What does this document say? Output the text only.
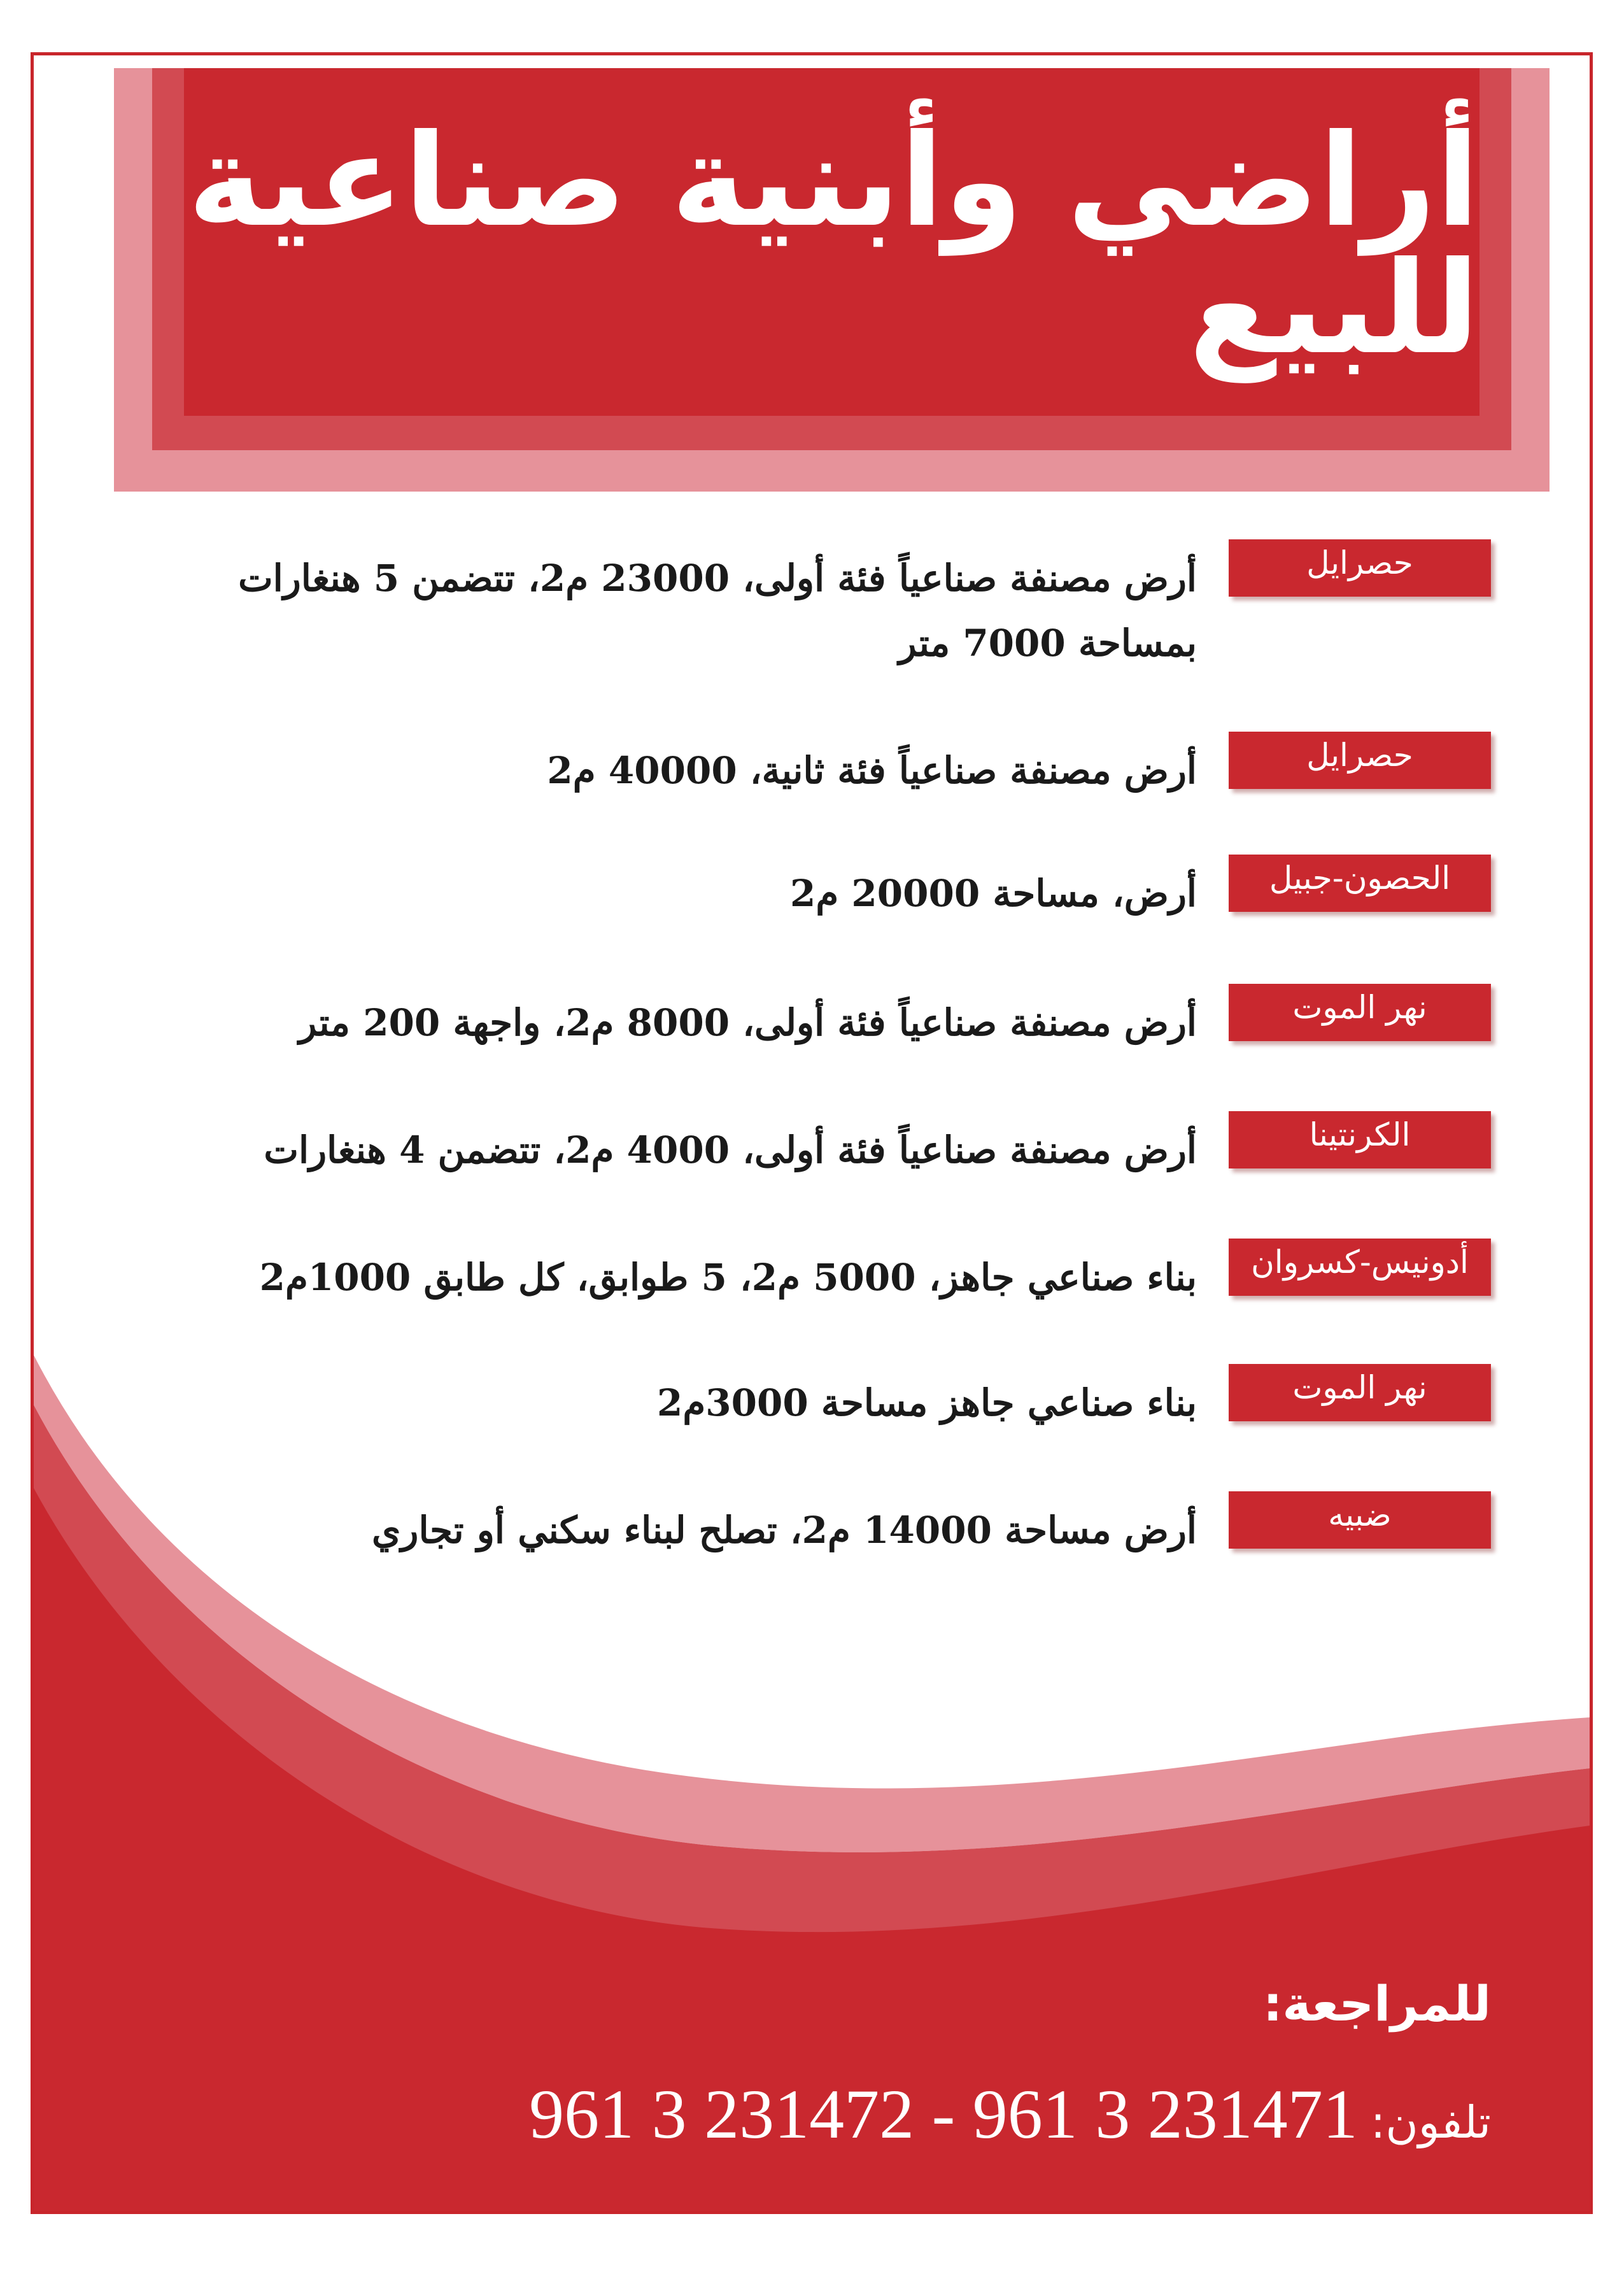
أراضي وأبنية صناعية للبيع
حصرايل
أرض مصنفة صناعياً فئة أولى، 23000 م2، تتضمن 5 هنغارات بمساحة 7000 متر
حصرايل
أرض مصنفة صناعياً فئة ثانية، 40000 م2
الحصون-جبيل
أرض، مساحة 20000 م2
نهر الموت
أرض مصنفة صناعياً فئة أولى، 8000 م2، واجهة 200 متر
الكرنتينا
أرض مصنفة صناعياً فئة أولى، 4000 م2، تتضمن 4 هنغارات
أدونيس-كسروان
بناء صناعي جاهز، 5000 م2، 5 طوابق، كل طابق 1000م2
نهر الموت
بناء صناعي جاهز مساحة 3000م2
ضبيه
أرض مساحة 14000 م2، تصلح لبناء سكني أو تجاري
للمراجعة:
تلفون:
961 3 231472 - 961 3 231471
